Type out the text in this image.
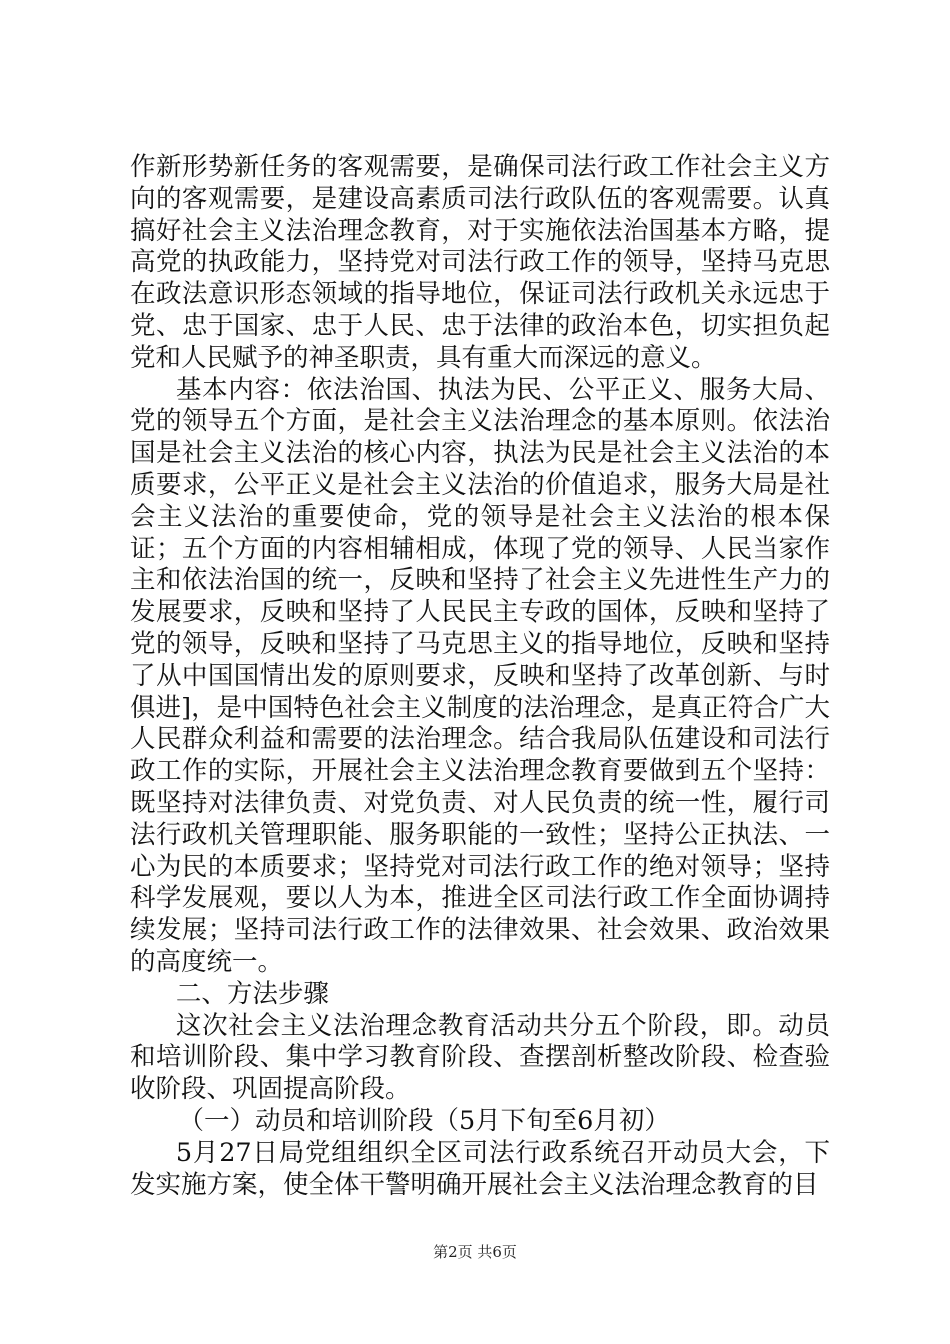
作新形势新任务的客观需要，是确保司法行政工作社会主义方向的客观需要，是建设高素质司法行政队伍的客观需要。认真搞好社会主义法治理念教育，对于实施依法治国基本方略，提高党的执政能力，坚持党对司法行政工作的领导，坚持马克思在政法意识形态领域的指导地位，保证司法行政机关永远忠于党、忠于国家、忠于人民、忠于法律的政治本色，切实担负起党和人民赋予的神圣职责，具有重大而深远的意义。

基本内容：依法治国、执法为民、公平正义、服务大局、党的领导五个方面，是社会主义法治理念的基本原则。依法治国是社会主义法治的核心内容，执法为民是社会主义法治的本质要求，公平正义是社会主义法治的价值追求，服务大局是社会主义法治的重要使命，党的领导是社会主义法治的根本保证；五个方面的内容相辅相成，体现了党的领导、人民当家作主和依法治国的统一，反映和坚持了社会主义先进性生产力的发展要求，反映和坚持了人民民主专政的国体，反映和坚持了党的领导，反映和坚持了马克思主义的指导地位，反映和坚持了从中国国情出发的原则要求，反映和坚持了改革创新、与时俱进]，是中国特色社会主义制度的法治理念，是真正符合广大人民群众利益和需要的法治理念。结合我局队伍建设和司法行政工作的实际，开展社会主义法治理念教育要做到五个坚持：既坚持对法律负责、对党负责、对人民负责的统一性，履行司法行政机关管理职能、服务职能的一致性；坚持公正执法、一心为民的本质要求；坚持党对司法行政工作的绝对领导；坚持科学发展观，要以人为本，推进全区司法行政工作全面协调持续发展；坚持司法行政工作的法律效果、社会效果、政治效果的高度统一。

二、方法步骤

这次社会主义法治理念教育活动共分五个阶段，即。动员和培训阶段、集中学习教育阶段、查摆剖析整改阶段、检查验收阶段、巩固提高阶段。

（一）动员和培训阶段（5月下旬至6月初）

5月27日局党组组织全区司法行政系统召开动员大会，下发实施方案，使全体干警明确开展社会主义法治理念教育的目

第2页 共6页
